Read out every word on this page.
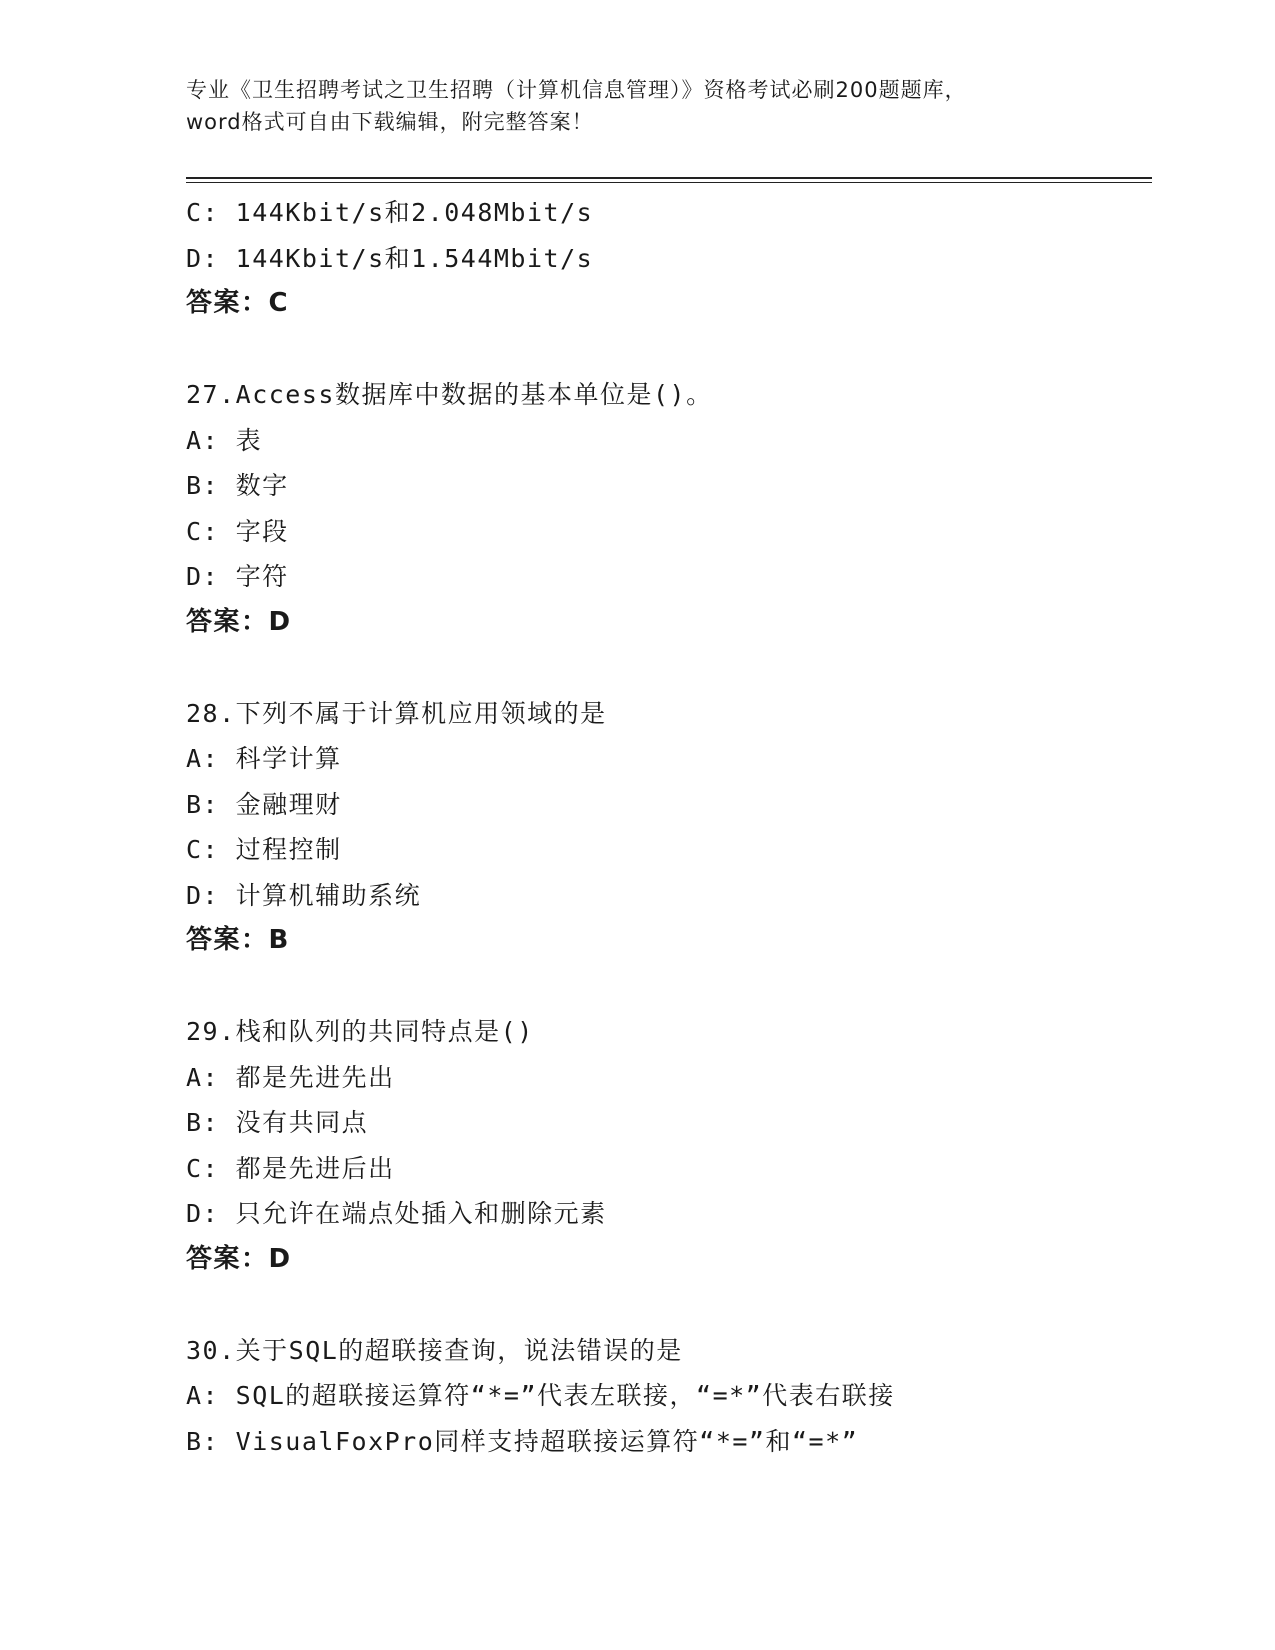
专业《卫生招聘考试之卫生招聘（计算机信息管理）》资格考试必刷200题题库，
word格式可自由下载编辑，附完整答案！
C: 144Kbit/s和2.048Mbit/s
D: 144Kbit/s和1.544Mbit/s
答案：C
27.Access数据库中数据的基本单位是()。
A: 表
B: 数字
C: 字段
D: 字符
答案：D
28.下列不属于计算机应用领域的是
A: 科学计算
B: 金融理财
C: 过程控制
D: 计算机辅助系统
答案：B
29.栈和队列的共同特点是()
A: 都是先进先出
B: 没有共同点
C: 都是先进后出
D: 只允许在端点处插入和删除元素
答案：D
30.关于SQL的超联接查询，说法错误的是
A: SQL的超联接运算符“*=”代表左联接，“=*”代表右联接
B: VisualFoxPro同样支持超联接运算符“*=”和“=*”
